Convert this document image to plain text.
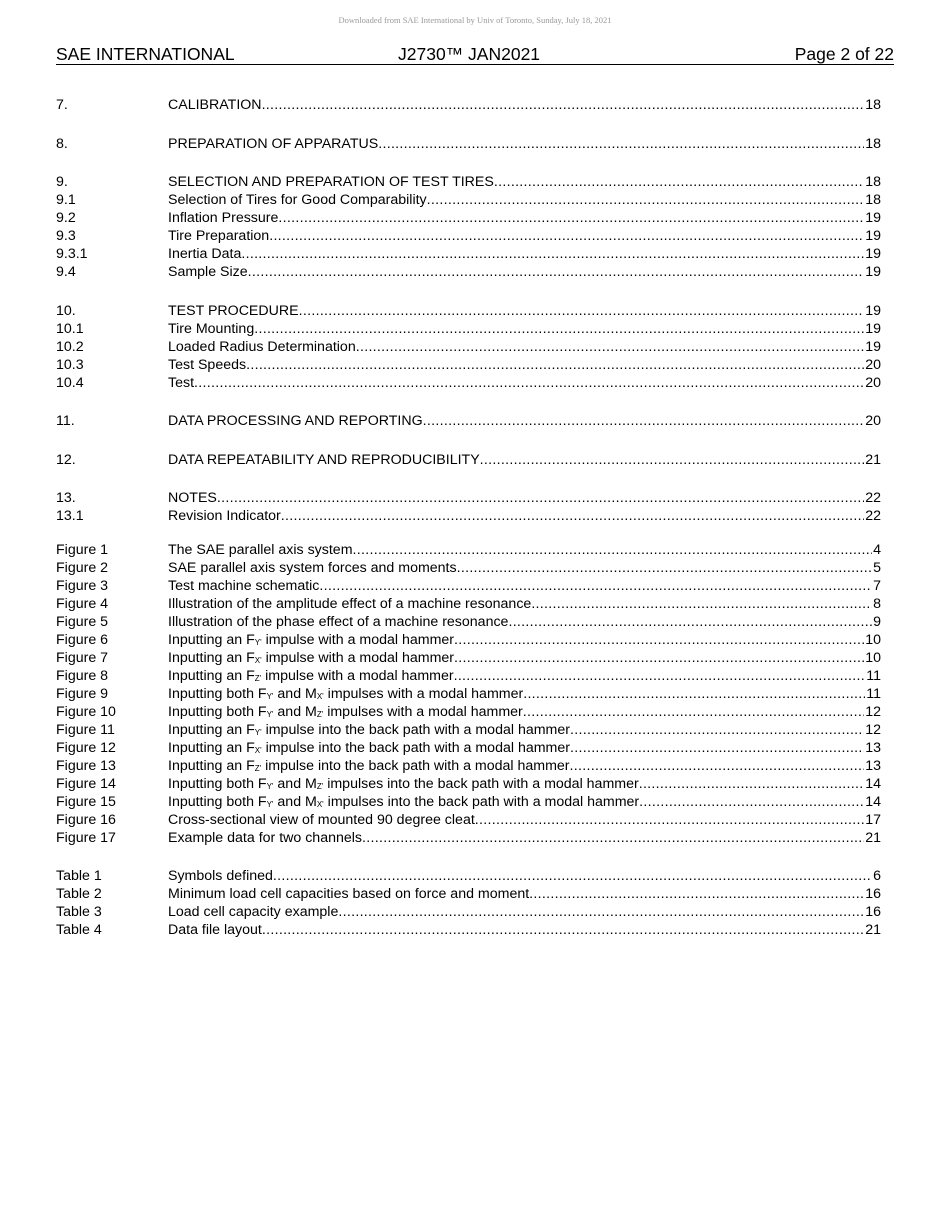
Downloaded from SAE International by Univ of Toronto, Sunday, July 18, 2021
SAE INTERNATIONAL	J2730™ JAN2021	Page 2 of 22
7.	CALIBRATION .....	18
8.	PREPARATION OF APPARATUS .....	18
9.	SELECTION AND PREPARATION OF TEST TIRES .....	18
9.1	Selection of Tires for Good Comparability .....	18
9.2	Inflation Pressure .....	19
9.3	Tire Preparation .....	19
9.3.1	Inertia Data .....	19
9.4	Sample Size .....	19
10.	TEST PROCEDURE .....	19
10.1	Tire Mounting .....	19
10.2	Loaded Radius Determination .....	19
10.3	Test Speeds .....	20
10.4	Test .....	20
11.	DATA PROCESSING AND REPORTING .....	20
12.	DATA REPEATABILITY AND REPRODUCIBILITY .....	21
13.	NOTES .....	22
13.1	Revision Indicator .....	22
Figure 1	The SAE parallel axis system .....	4
Figure 2	SAE parallel axis system forces and moments .....	5
Figure 3	Test machine schematic .....	7
Figure 4	Illustration of the amplitude effect of a machine resonance .....	8
Figure 5	Illustration of the phase effect of a machine resonance .....	9
Figure 6	Inputting an $F_{Y'}$ impulse with a modal hammer .....	10
Figure 7	Inputting an $F_{X'}$ impulse with a modal hammer .....	10
Figure 8	Inputting an $F_{Z'}$ impulse with a modal hammer .....	11
Figure 9	Inputting both $F_{Y'}$ and $M_{X'}$ impulses with a modal hammer .....	11
Figure 10	Inputting both $F_{Y'}$ and $M_{Z'}$ impulses with a modal hammer .....	12
Figure 11	Inputting an $F_{Y'}$ impulse into the back path with a modal hammer .....	12
Figure 12	Inputting an $F_{X'}$ impulse into the back path with a modal hammer .....	13
Figure 13	Inputting an $F_{Z'}$ impulse into the back path with a modal hammer .....	13
Figure 14	Inputting both $F_{Y'}$ and $M_{Z'}$ impulses into the back path with a modal hammer .....	14
Figure 15	Inputting both $F_{Y'}$ and $M_{X'}$ impulses into the back path with a modal hammer .....	14
Figure 16	Cross-sectional view of mounted 90 degree cleat .....	17
Figure 17	Example data for two channels .....	21
Table 1	Symbols defined .....	6
Table 2	Minimum load cell capacities based on force and moment .....	16
Table 3	Load cell capacity example .....	16
Table 4	Data file layout .....	21
